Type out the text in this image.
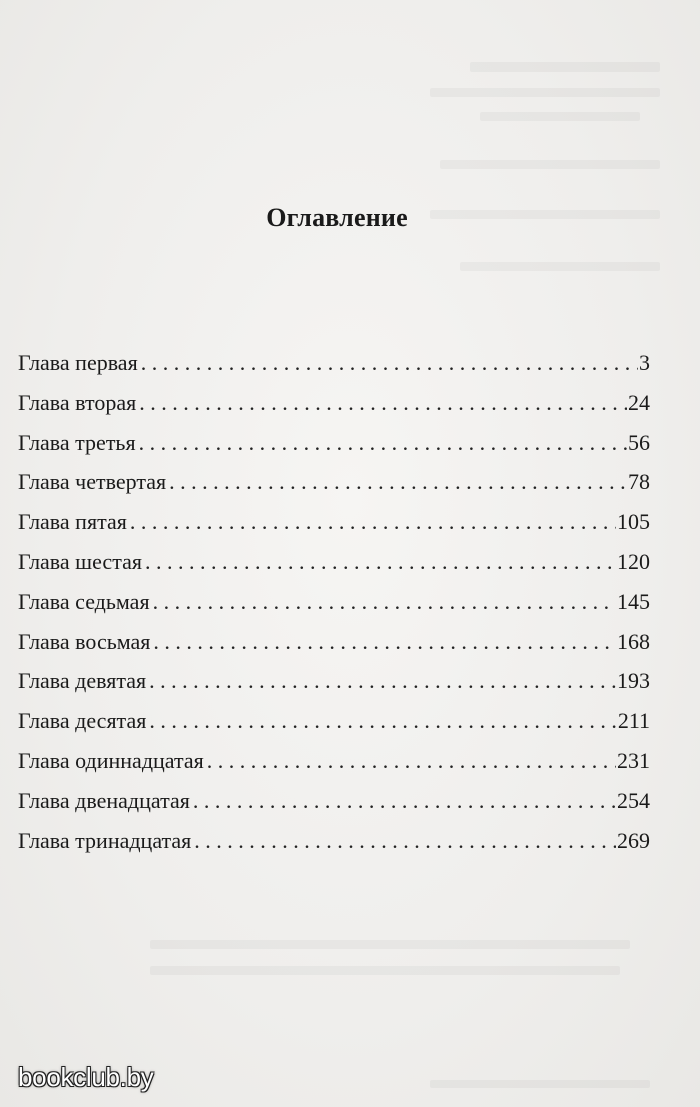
Оглавление
Глава первая . . .	3
Глава вторая . . .	24
Глава третья . . .	56
Глава четвертая . . .	78
Глава пятая . . .	105
Глава шестая . . .	120
Глава седьмая . . .	145
Глава восьмая . . .	168
Глава девятая . . .	193
Глава десятая . . .	211
Глава одиннадцатая . . .	231
Глава двенадцатая . . .	254
Глава тринадцатая . . .	269
bookclub.by
